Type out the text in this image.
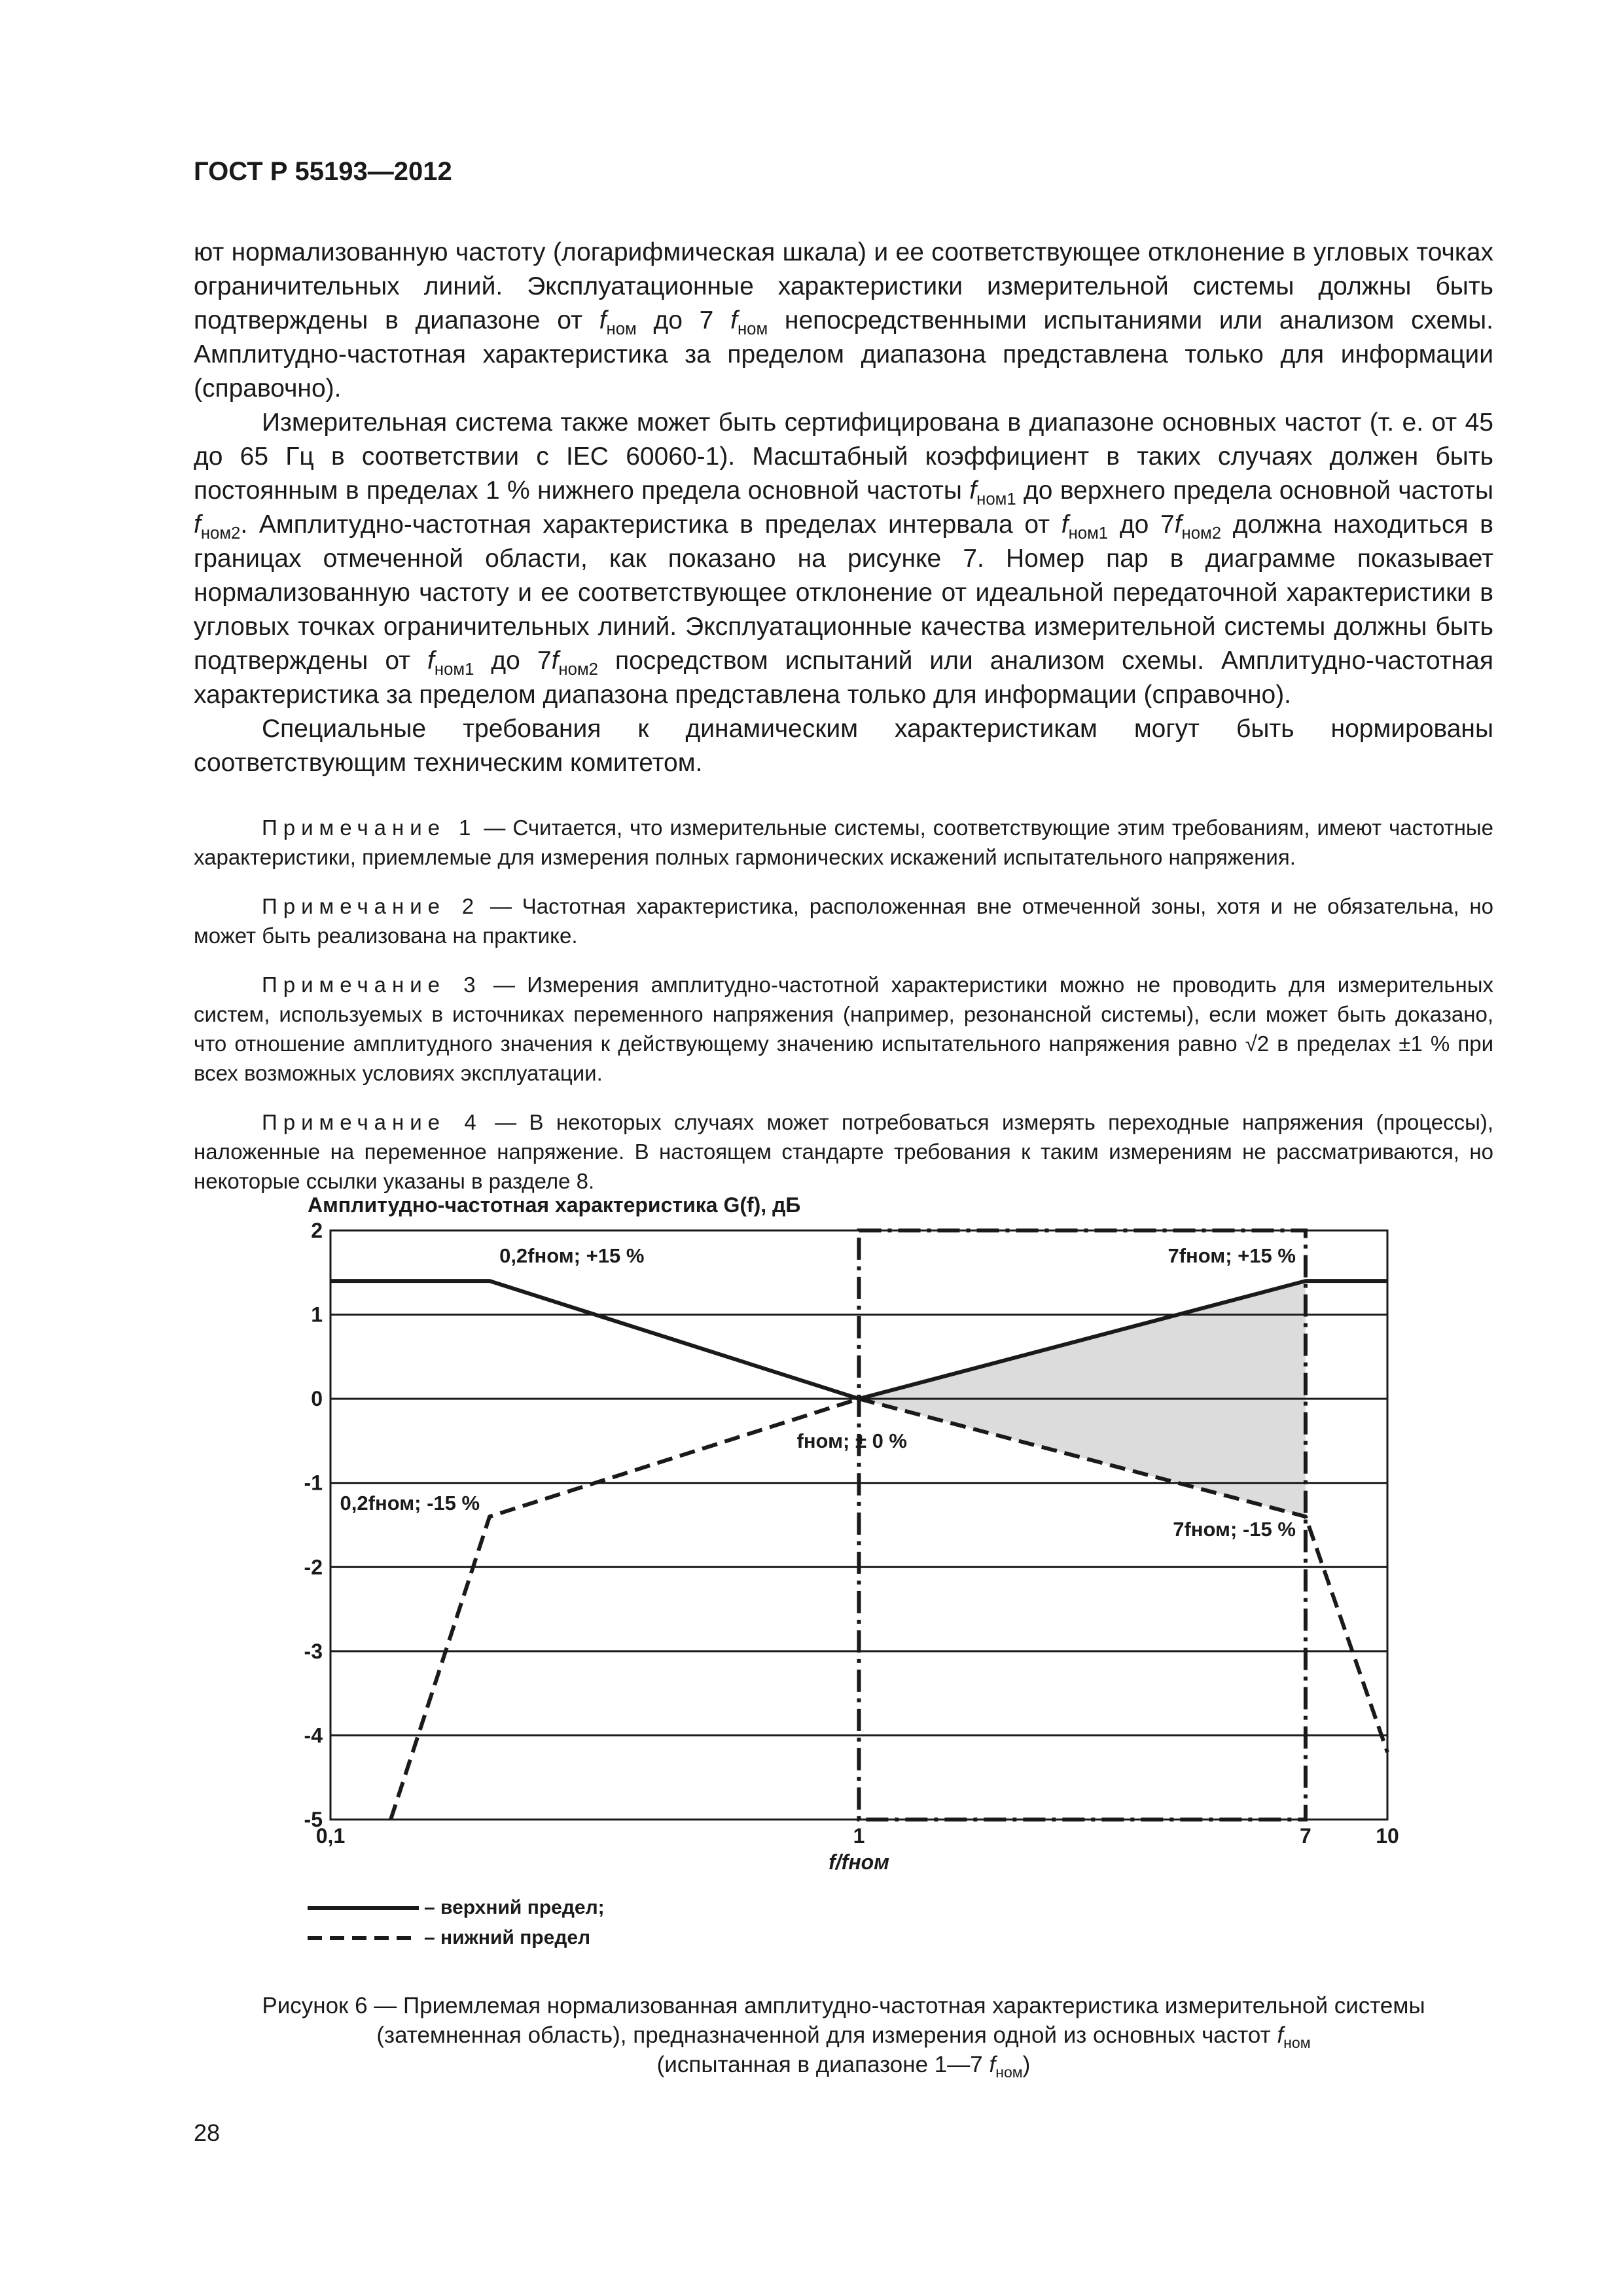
ГОСТ Р 55193—2012

ют нормализованную частоту (логарифмическая шкала) и ее соответствующее отклонение в угловых точках ограничительных линий. Эксплуатационные характеристики измерительной системы должны быть подтверждены в диапазоне от $f_{ном}$ до 7 $f_{ном}$ непосредственными испытаниями или анализом схемы. Амплитудно-частотная характеристика за пределом диапазона представлена только для информации (справочно).

Измерительная система также может быть сертифицирована в диапазоне основных частот (т. е. от 45 до 65 Гц в соответствии с IEC 60060-1). Масштабный коэффициент в таких случаях должен быть постоянным в пределах 1 % нижнего предела основной частоты $f_{ном1}$ до верхнего предела основной частоты $f_{ном2}$. Амплитудно-частотная характеристика в пределах интервала от $f_{ном1}$ до $7f_{ном2}$ должна находиться в границах отмеченной области, как показано на рисунке 7. Номер пар в диаграмме показывает нормализованную частоту и ее соответствующее отклонение от идеальной передаточной характеристики в угловых точках ограничительных линий. Эксплуатационные качества измерительной системы должны быть подтверждены от $f_{ном1}$ до $7f_{ном2}$ посредством испытаний или анализом схемы. Амплитудно-частотная характеристика за пределом диапазона представлена только для информации (справочно).

Специальные требования к динамическим характеристикам могут быть нормированы соответствующим техническим комитетом.

Примечание 1 — Считается, что измерительные системы, соответствующие этим требованиям, имеют частотные характеристики, приемлемые для измерения полных гармонических искажений испытательного напряжения.

Примечание 2 — Частотная характеристика, расположенная вне отмеченной зоны, хотя и не обязательна, но может быть реализована на практике.

Примечание 3 — Измерения амплитудно-частотной характеристики можно не проводить для измерительных систем, используемых в источниках переменного напряжения (например, резонансной системы), если может быть доказано, что отношение амплитудного значения к действующему значению испытательного напряжения равно √2 в пределах ±1 % при всех возможных условиях эксплуатации.

Примечание 4 — В некоторых случаях может потребоваться измерять переходные напряжения (процессы), наложенные на переменное напряжение. В настоящем стандарте требования к таким измерениям не рассматриваются, но некоторые ссылки указаны в разделе 8.

Амплитудно-частотная характеристика G(f), дБ
2
1
0
-1
-2
-3
-4
-5
0,1	1	7	10
f/fном
0,2fном; +15 %
fном; ± 0 %
7fном; +15 %
0,2fном; -15 %
7fном; -15 %
– верхний предел;
– нижний предел
Рисунок 6 — Приемлемая нормализованная амплитудно-частотная характеристика измерительной системы
(затемненная область), предназначенной для измерения одной из основных частот $f_{ном}$
(испытанная в диапазоне 1—7 $f_{ном}$)
28
